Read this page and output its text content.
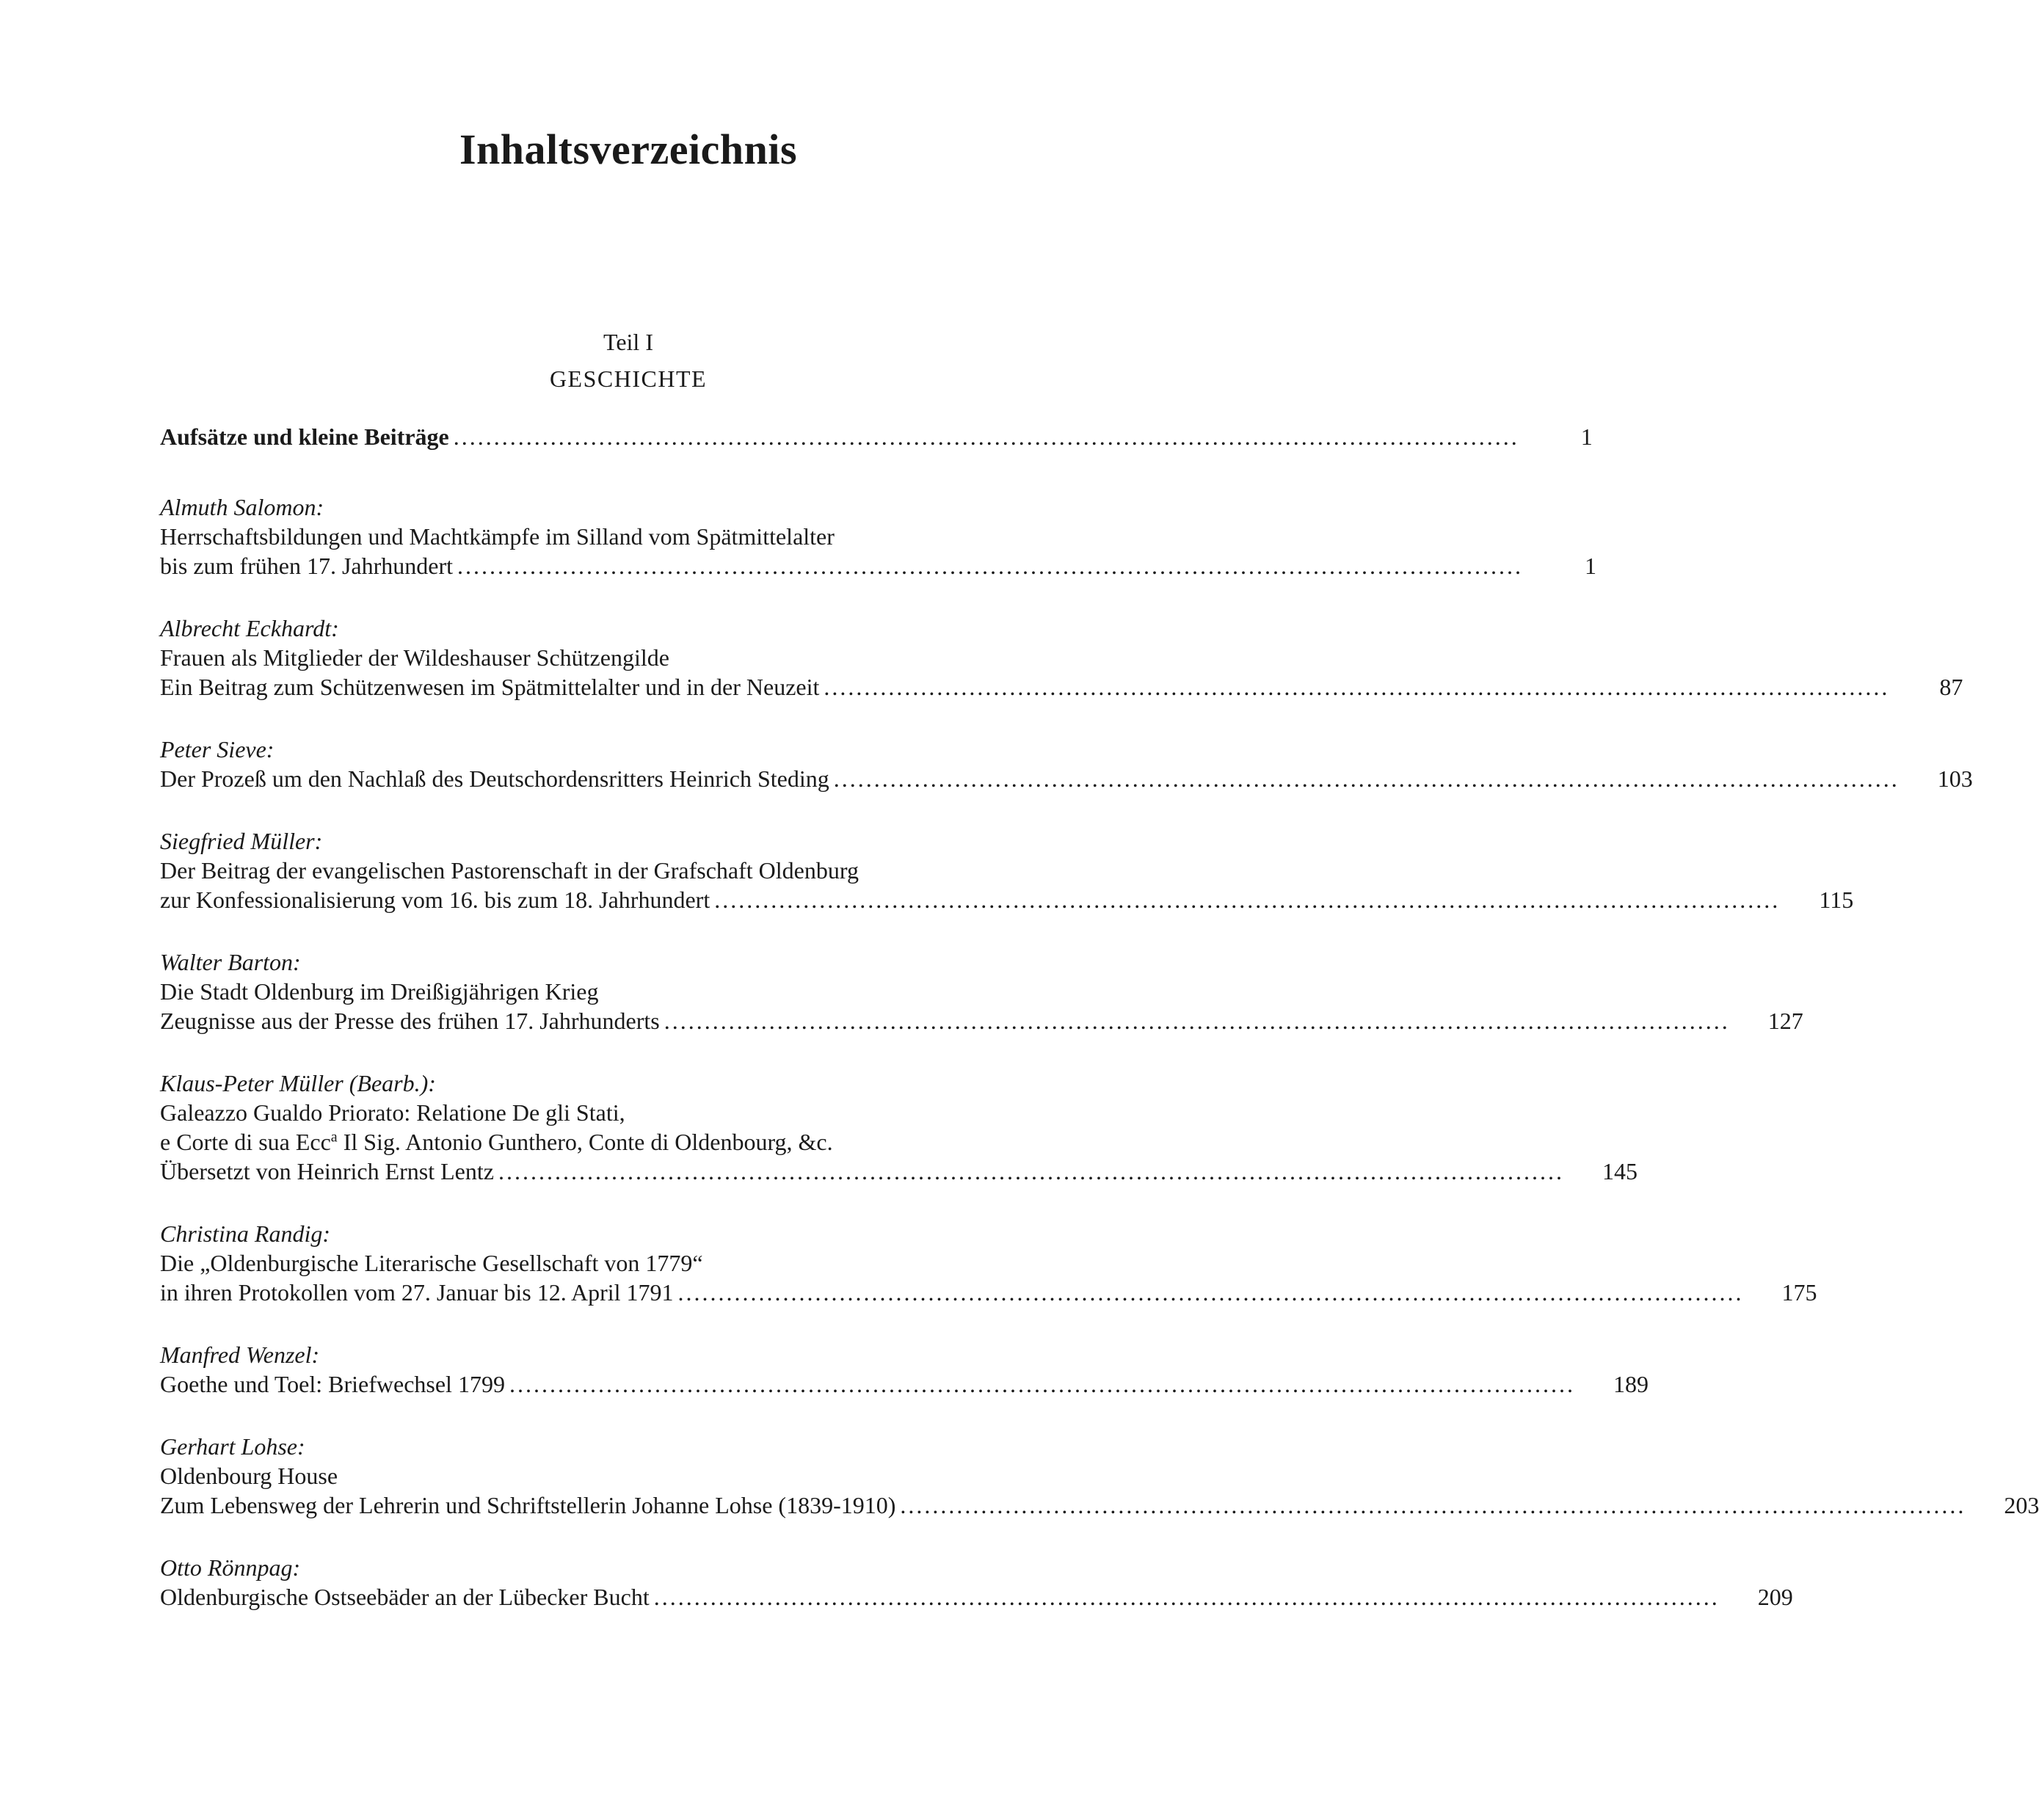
Inhaltsverzeichnis
Teil I
GESCHICHTE
Aufsätze und kleine Beiträge ....................................................................................................................................	1
Almuth Salomon:
Herrschaftsbildungen und Machtkämpfe im Silland vom Spätmittelalter
bis zum frühen 17. Jahrhundert ....................................................................................................................................	1
Albrecht Eckhardt:
Frauen als Mitglieder der Wildeshauser Schützengilde
Ein Beitrag zum Schützenwesen im Spätmittelalter und in der Neuzeit ....................................................................................................................................	87
Peter Sieve:
Der Prozeß um den Nachlaß des Deutschordensritters Heinrich Steding ....................................................................................................................................	103
Siegfried Müller:
Der Beitrag der evangelischen Pastorenschaft in der Grafschaft Oldenburg
zur Konfessionalisierung vom 16. bis zum 18. Jahrhundert ....................................................................................................................................	115
Walter Barton:
Die Stadt Oldenburg im Dreißigjährigen Krieg
Zeugnisse aus der Presse des frühen 17. Jahrhunderts ....................................................................................................................................	127
Klaus-Peter Müller (Bearb.):
Galeazzo Gualdo Priorato: Relatione De gli Stati,
e Corte di sua Ecc$^a$ Il Sig. Antonio Gunthero, Conte di Oldenbourg, &c.
Übersetzt von Heinrich Ernst Lentz ....................................................................................................................................	145
Christina Randig:
Die „Oldenburgische Literarische Gesellschaft von 1779“
in ihren Protokollen vom 27. Januar bis 12. April 1791 ....................................................................................................................................	175
Manfred Wenzel:
Goethe und Toel: Briefwechsel 1799 ....................................................................................................................................	189
Gerhart Lohse:
Oldenbourg House
Zum Lebensweg der Lehrerin und Schriftstellerin Johanne Lohse (1839-1910) ....................................................................................................................................	203
Otto Rönnpag:
Oldenburgische Ostseebäder an der Lübecker Bucht ....................................................................................................................................	209
